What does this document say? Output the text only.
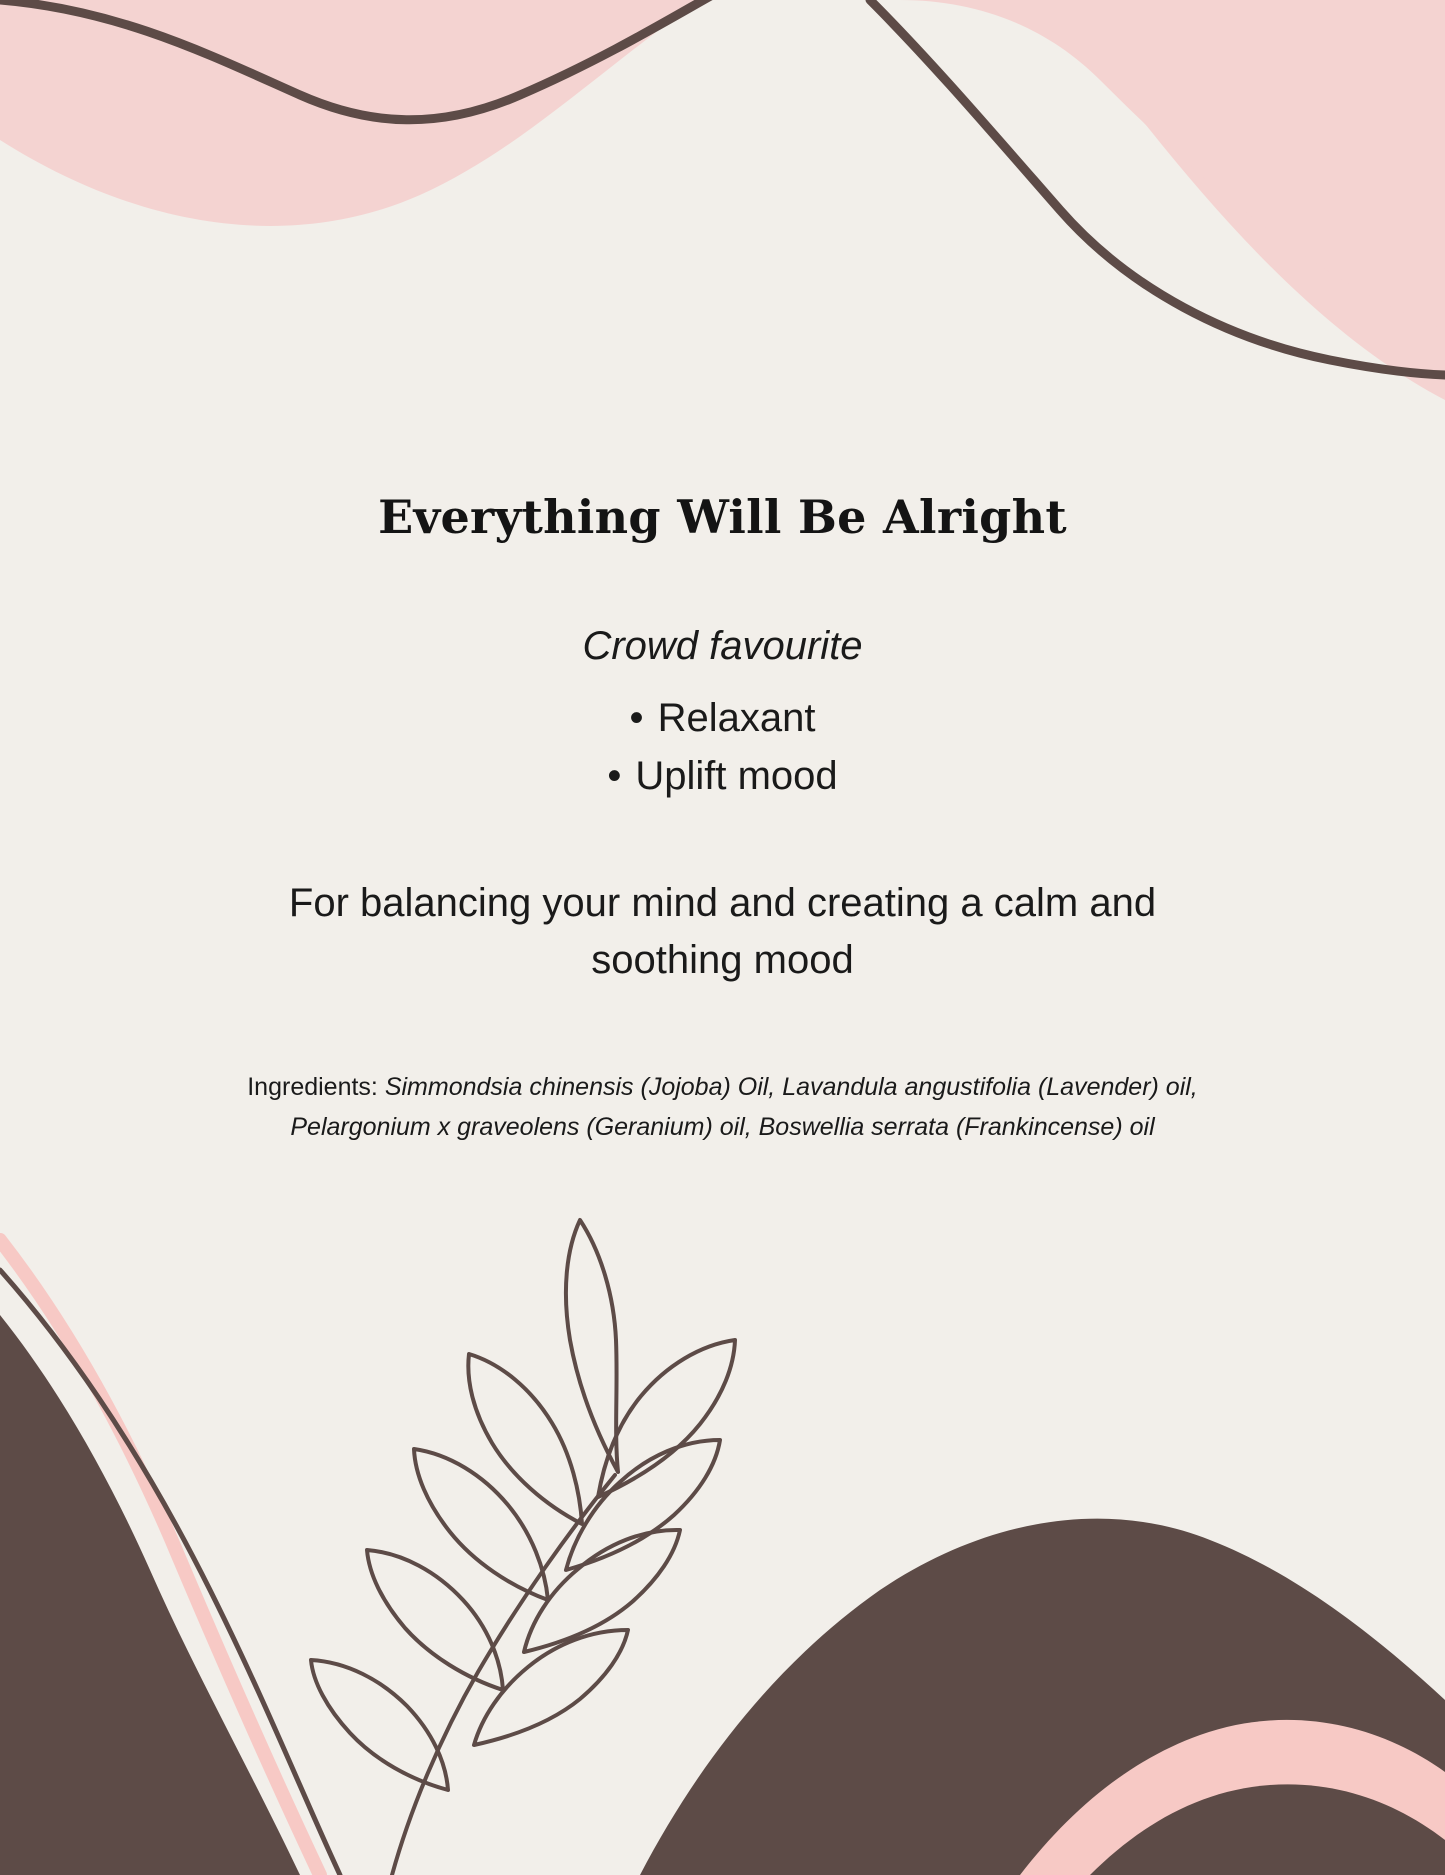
Everything Will Be Alright

Crowd favourite

• Relaxant
• Uplift mood

For balancing your mind and creating a calm and soothing mood

Ingredients: Simmondsia chinensis (Jojoba) Oil, Lavandula angustifolia (Lavender) oil, Pelargonium x graveolens (Geranium) oil, Boswellia serrata (Frankincense) oil
